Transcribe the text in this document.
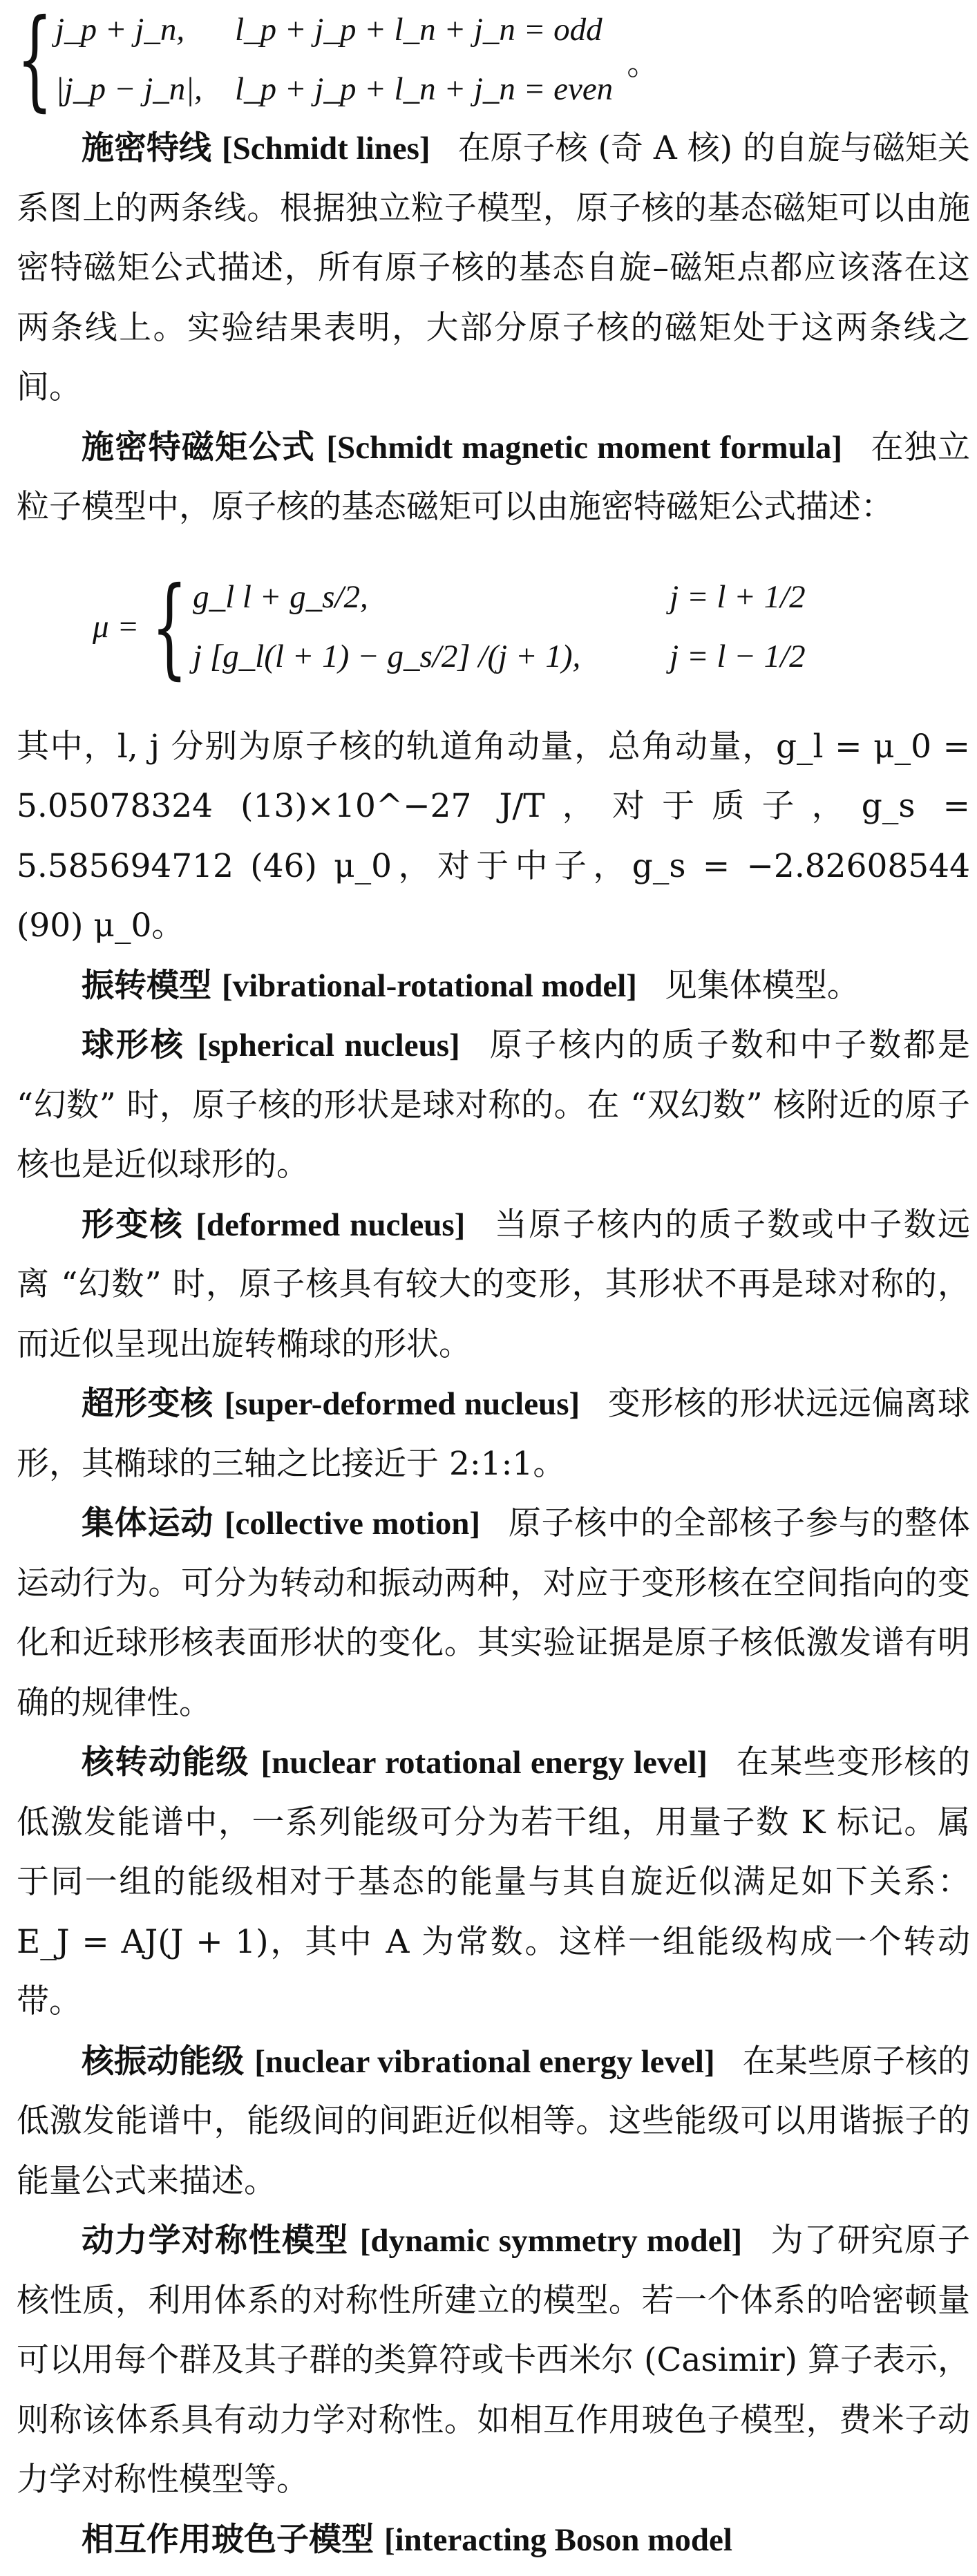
{ j_p + j_n,	l_p + j_p + l_n + j_n = odd
|j_p − j_n|,	l_p + j_p + l_n + j_n = even
。

施密特线 [Schmidt lines] 在原子核 (奇 A 核) 的自旋与磁矩关系图上的两条线。根据独立粒子模型，原子核的基态磁矩可以由施密特磁矩公式描述，所有原子核的基态自旋–磁矩点都应该落在这两条线上。实验结果表明，大部分原子核的磁矩处于这两条线之间。

施密特磁矩公式 [Schmidt magnetic moment formula] 在独立粒子模型中，原子核的基态磁矩可以由施密特磁矩公式描述：

μ = { g_l l + g_s/2,	j = l + 1/2
j [g_l(l + 1) − g_s/2] /(j + 1),	j = l − 1/2

其中，l, j 分别为原子核的轨道角动量，总角动量，g_l = μ_0 = 5.05078324 (13)×10^−27 J/T，对于质子，g_s = 5.585694712 (46) μ_0，对于中子，g_s = −2.82608544 (90) μ_0。

振转模型 [vibrational-rotational model] 见集体模型。

球形核 [spherical nucleus] 原子核内的质子数和中子数都是 “幻数” 时，原子核的形状是球对称的。在 “双幻数” 核附近的原子核也是近似球形的。

形变核 [deformed nucleus] 当原子核内的质子数或中子数远离 “幻数” 时，原子核具有较大的变形，其形状不再是球对称的，而近似呈现出旋转椭球的形状。

超形变核 [super-deformed nucleus] 变形核的形状远远偏离球形，其椭球的三轴之比接近于 2:1:1。

集体运动 [collective motion] 原子核中的全部核子参与的整体运动行为。可分为转动和振动两种，对应于变形核在空间指向的变化和近球形核表面形状的变化。其实验证据是原子核低激发谱有明确的规律性。

核转动能级 [nuclear rotational energy level] 在某些变形核的低激发能谱中，一系列能级可分为若干组，用量子数 K 标记。属于同一组的能级相对于基态的能量与其自旋近似满足如下关系：E_J = AJ(J + 1)，其中 A 为常数。这样一组能级构成一个转动带。

核振动能级 [nuclear vibrational energy level] 在某些原子核的低激发能谱中，能级间的间距近似相等。这些能级可以用谐振子的能量公式来描述。

动力学对称性模型 [dynamic symmetry model] 为了研究原子核性质，利用体系的对称性所建立的模型。若一个体系的哈密顿量可以用每个群及其子群的类算符或卡西米尔 (Casimir) 算子表示，则称该体系具有动力学对称性。如相互作用玻色子模型，费米子动力学对称性模型等。

相互作用玻色子模型 [interacting Boson model
